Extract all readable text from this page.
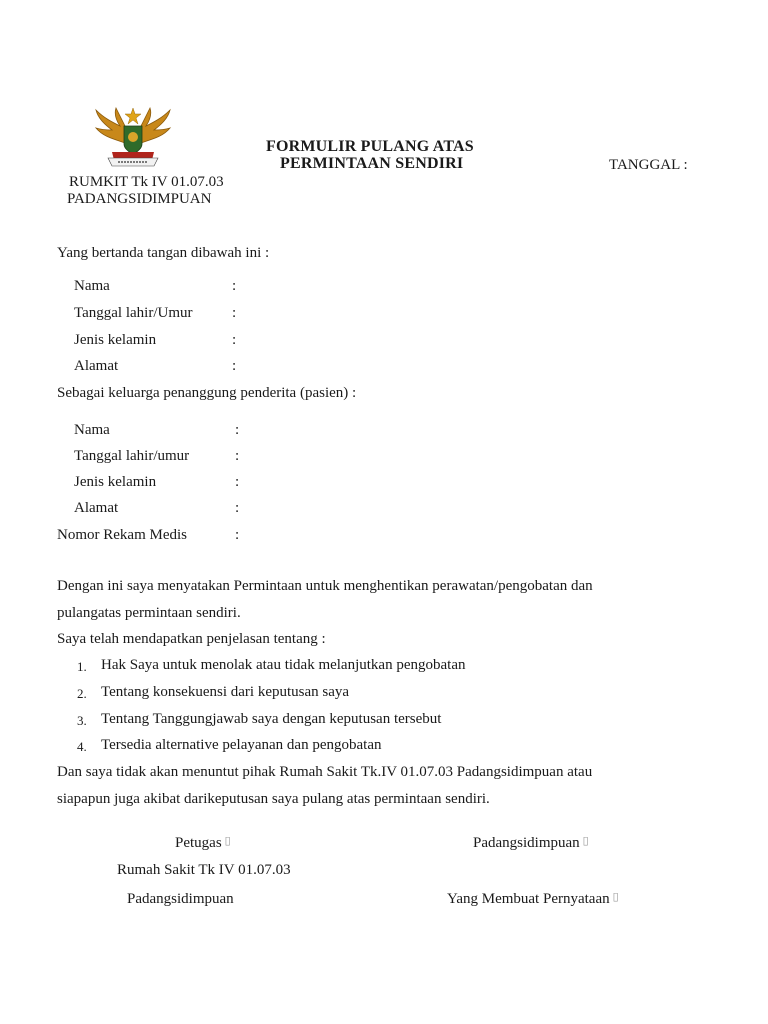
FORMULIR PULANG ATAS
PERMINTAAN SENDIRI	TANGGAL :
RUMKIT Tk IV 01.07.03
PADANGSIDIMPUAN
Yang bertanda tangan dibawah ini :
Nama	:
Tanggal lahir/Umur	:
Jenis kelamin	:
Alamat	:
Sebagai keluarga penanggung penderita (pasien) :
Nama	:
Tanggal lahir/umur	:
Jenis kelamin	:
Alamat	:
Nomor Rekam Medis	:
Dengan ini saya menyatakan Permintaan untuk menghentikan perawatan/pengobatan dan
pulangatas permintaan sendiri.
Saya telah mendapatkan penjelasan tentang :
1. Hak Saya untuk menolak atau tidak melanjutkan pengobatan
2. Tentang konsekuensi dari keputusan saya
3. Tentang Tanggungjawab saya dengan keputusan tersebut
4. Tersedia alternative pelayanan dan pengobatan
Dan saya tidak akan menuntut pihak Rumah Sakit Tk.IV 01.07.03 Padangsidimpuan atau
siapapun juga akibat darikeputusan saya pulang atas permintaan sendiri.
Petugas ▯
Rumah Sakit Tk IV 01.07.03
Padangsidimpuan
Padangsidimpuan ▯
Yang Membuat Pernyataan ▯
